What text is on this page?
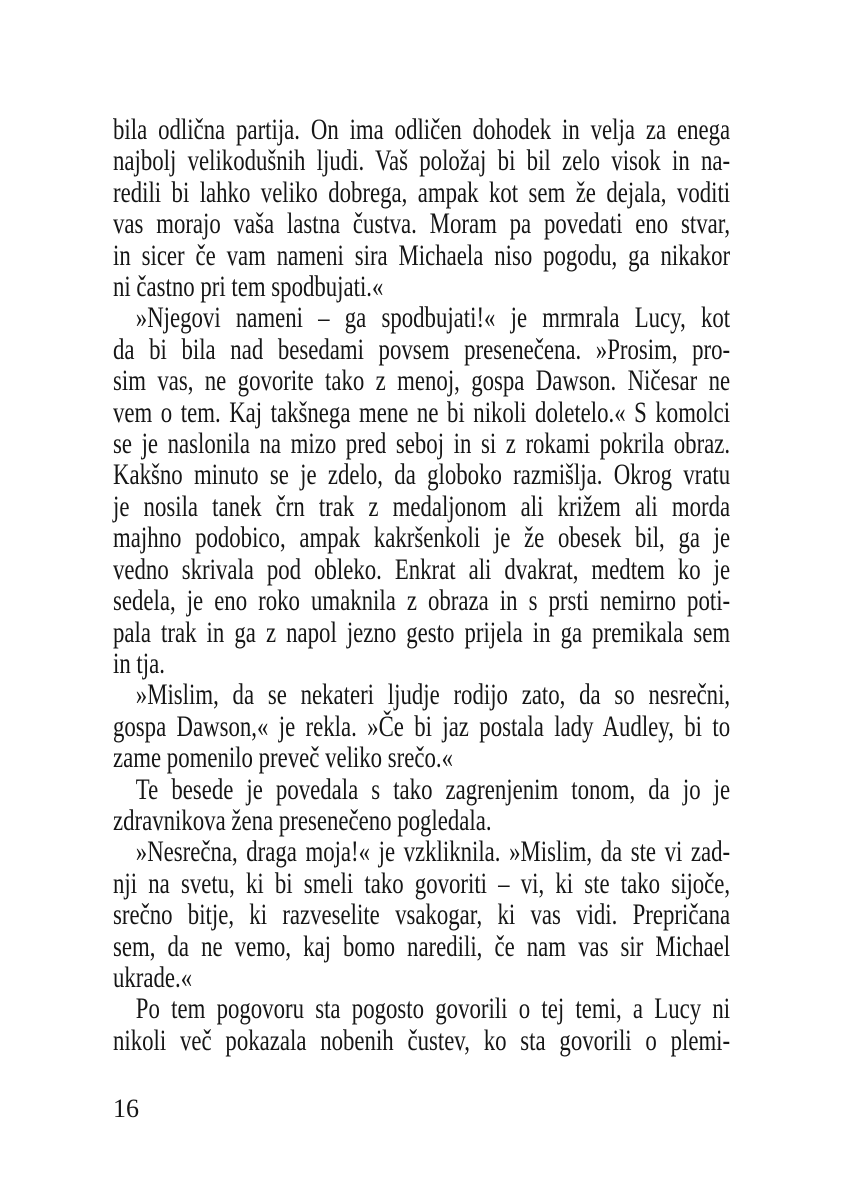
bila odlična partija. On ima odličen dohodek in velja za enega
najbolj velikodušnih ljudi. Vaš položaj bi bil zelo visok in na-
redili bi lahko veliko dobrega, ampak kot sem že dejala, voditi
vas morajo vaša lastna čustva. Moram pa povedati eno stvar,
in sicer če vam nameni sira Michaela niso pogodu, ga nikakor
ni častno pri tem spodbujati.«
»Njegovi nameni – ga spodbujati!« je mrmrala Lucy, kot
da bi bila nad besedami povsem presenečena. »Prosim, pro-
sim vas, ne govorite tako z menoj, gospa Dawson. Ničesar ne
vem o tem. Kaj takšnega mene ne bi nikoli doletelo.« S komolci
se je naslonila na mizo pred seboj in si z rokami pokrila obraz.
Kakšno minuto se je zdelo, da globoko razmišlja. Okrog vratu
je nosila tanek črn trak z medaljonom ali križem ali morda
majhno podobico, ampak kakršenkoli je že obesek bil, ga je
vedno skrivala pod obleko. Enkrat ali dvakrat, medtem ko je
sedela, je eno roko umaknila z obraza in s prsti nemirno poti-
pala trak in ga z napol jezno gesto prijela in ga premikala sem
in tja.
»Mislim, da se nekateri ljudje rodijo zato, da so nesrečni,
gospa Dawson,« je rekla. »Če bi jaz postala lady Audley, bi to
zame pomenilo preveč veliko srečo.«
Te besede je povedala s tako zagrenjenim tonom, da jo je
zdravnikova žena presenečeno pogledala.
»Nesrečna, draga moja!« je vzkliknila. »Mislim, da ste vi zad-
nji na svetu, ki bi smeli tako govoriti – vi, ki ste tako sijoče,
srečno bitje, ki razveselite vsakogar, ki vas vidi. Prepričana
sem, da ne vemo, kaj bomo naredili, če nam vas sir Michael
ukrade.«
Po tem pogovoru sta pogosto govorili o tej temi, a Lucy ni
nikoli več pokazala nobenih čustev, ko sta govorili o plemi-
16
